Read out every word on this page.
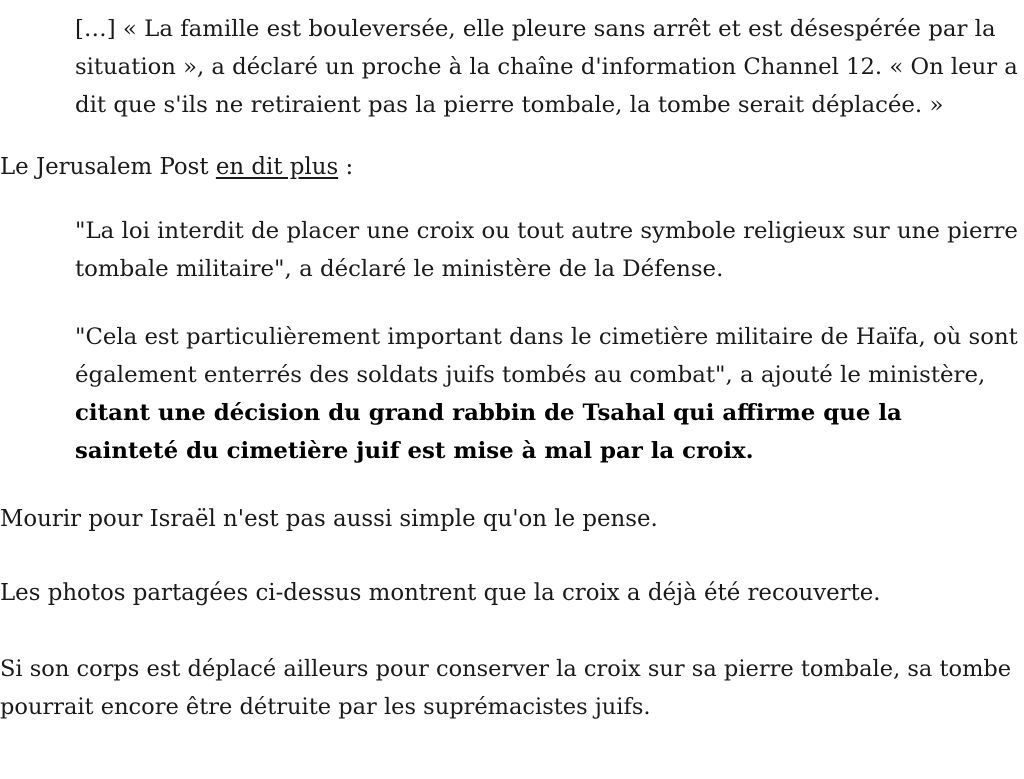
[…] « La famille est bouleversée, elle pleure sans arrêt et est désespérée par la
situation », a déclaré un proche à la chaîne d'information Channel 12. « On leur a
dit que s'ils ne retiraient pas la pierre tombale, la tombe serait déplacée. »

Le Jerusalem Post en dit plus :

"La loi interdit de placer une croix ou tout autre symbole religieux sur une pierre
tombale militaire", a déclaré le ministère de la Défense.
"Cela est particulièrement important dans le cimetière militaire de Haïfa, où sont
également enterrés des soldats juifs tombés au combat", a ajouté le ministère,
citant une décision du grand rabbin de Tsahal qui affirme que la
sainteté du cimetière juif est mise à mal par la croix.

Mourir pour Israël n'est pas aussi simple qu'on le pense.

Les photos partagées ci-dessus montrent que la croix a déjà été recouverte.

Si son corps est déplacé ailleurs pour conserver la croix sur sa pierre tombale, sa tombe
pourrait encore être détruite par les suprémacistes juifs.
